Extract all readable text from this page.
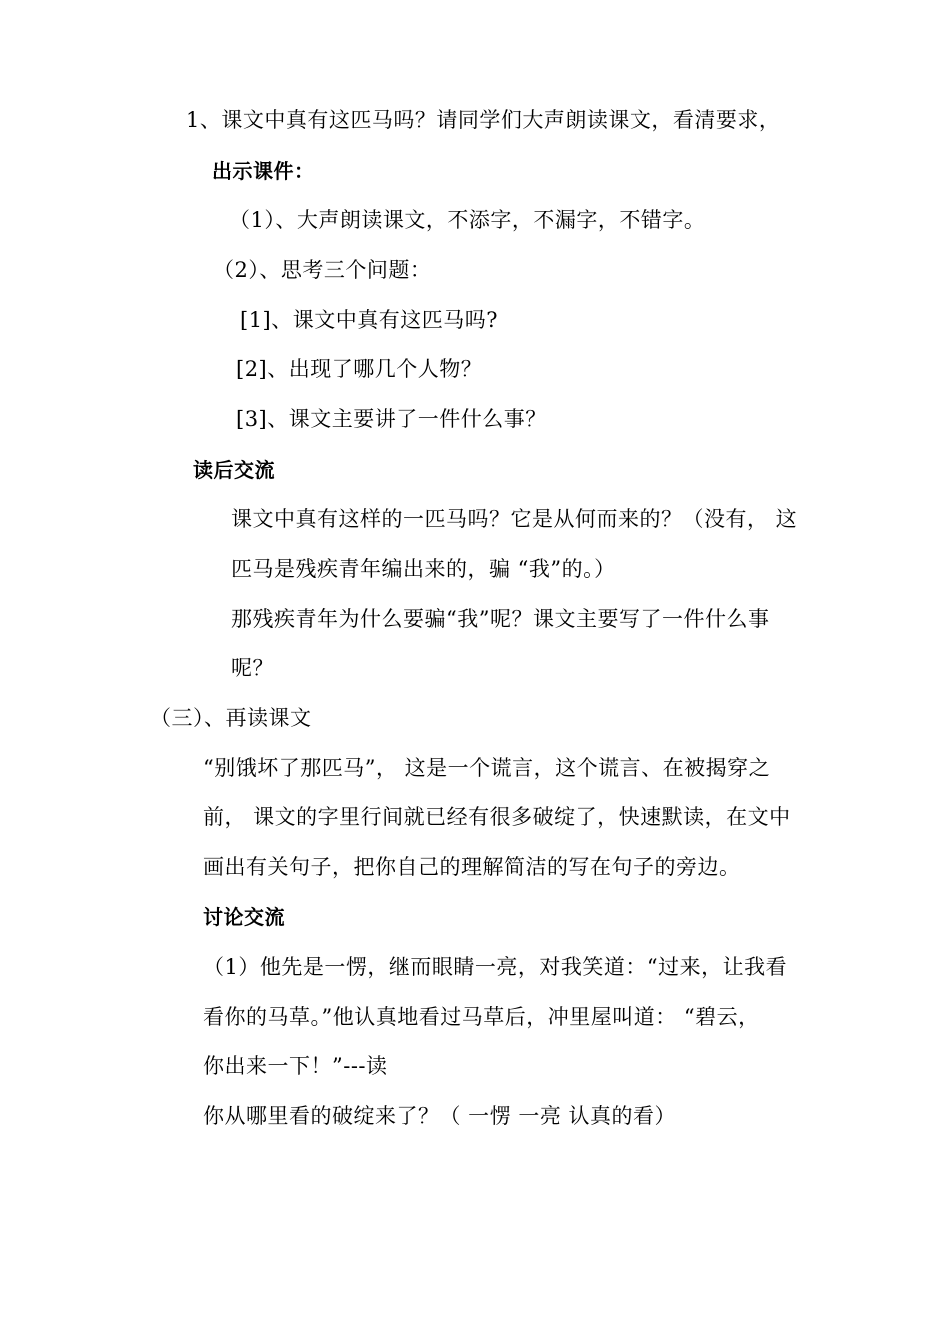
1、课文中真有这匹马吗？请同学们大声朗读课文，看清要求，
出示课件：
（1）、大声朗读课文，不添字，不漏字，不错字。
（2）、思考三个问题：
[1]、课文中真有这匹马吗?
[2]、出现了哪几个人物？
[3]、课文主要讲了一件什么事？
读后交流
课文中真有这样的一匹马吗？它是从何而来的？（没有， 这
匹马是残疾青年编出来的，骗 “我”的。）
那残疾青年为什么要骗“我”呢？课文主要写了一件什么事
呢？
（三）、再读课文
“别饿坏了那匹马”， 这是一个谎言，这个谎言、在被揭穿之
前， 课文的字里行间就已经有很多破绽了，快速默读，在文中
画出有关句子，把你自己的理解简洁的写在句子的旁边。
讨论交流
（1）他先是一愣，继而眼睛一亮，对我笑道：“过来，让我看
看你的马草。”他认真地看过马草后，冲里屋叫道： “碧云，
你出来一下！”---读
你从哪里看的破绽来了？（ 一愣 一亮 认真的看）
